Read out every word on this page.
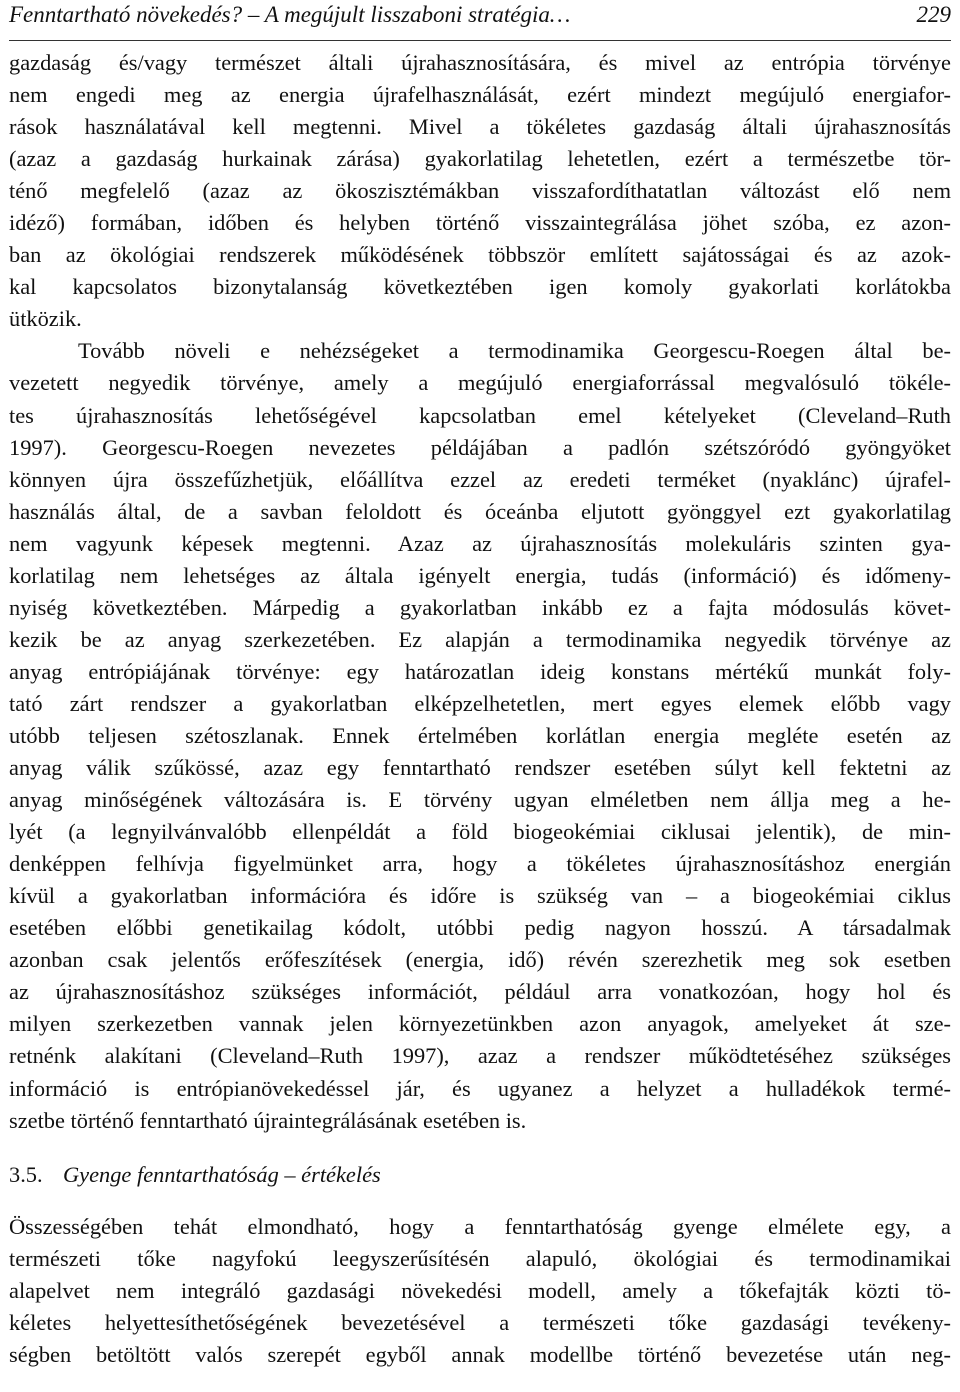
Fenntartható növekedés? – A megújult lisszaboni stratégia…	229
gazdaság és/vagy természet általi újrahasznosítására, és mivel az entrópia törvénye
nem engedi meg az energia újrafelhasználását, ezért mindezt megújuló energiafor-
rások használatával kell megtenni. Mivel a tökéletes gazdaság általi újrahasznosítás
(azaz a gazdaság hurkainak zárása) gyakorlatilag lehetetlen, ezért a természetbe tör-
ténő megfelelő (azaz az ökoszisztémákban visszafordíthatatlan változást elő nem
idéző) formában, időben és helyben történő visszaintegrálása jöhet szóba, ez azon-
ban az ökológiai rendszerek működésének többször említett sajátosságai és az azok-
kal kapcsolatos bizonytalanság következtében igen komoly gyakorlati korlátokba
ütközik.
Tovább növeli e nehézségeket a termodinamika Georgescu-Roegen által be-
vezetett negyedik törvénye, amely a megújuló energiaforrással megvalósuló tökéle-
tes újrahasznosítás lehetőségével kapcsolatban emel kételyeket (Cleveland–Ruth
1997). Georgescu-Roegen nevezetes példájában a padlón szétszóródó gyöngyöket
könnyen újra összefűzhetjük, előállítva ezzel az eredeti terméket (nyaklánc) újrafel-
használás által, de a savban feloldott és óceánba eljutott gyönggyel ezt gyakorlatilag
nem vagyunk képesek megtenni. Azaz az újrahasznosítás molekuláris szinten gya-
korlatilag nem lehetséges az általa igényelt energia, tudás (információ) és időmeny-
nyiség következtében. Márpedig a gyakorlatban inkább ez a fajta módosulás követ-
kezik be az anyag szerkezetében. Ez alapján a termodinamika negyedik törvénye az
anyag entrópiájának törvénye: egy határozatlan ideig konstans mértékű munkát foly-
tató zárt rendszer a gyakorlatban elképzelhetetlen, mert egyes elemek előbb vagy
utóbb teljesen szétoszlanak. Ennek értelmében korlátlan energia megléte esetén az
anyag válik szűkössé, azaz egy fenntartható rendszer esetében súlyt kell fektetni az
anyag minőségének változására is. E törvény ugyan elméletben nem állja meg a he-
lyét (a legnyilvánvalóbb ellenpéldát a föld biogeokémiai ciklusai jelentik), de min-
denképpen felhívja figyelmünket arra, hogy a tökéletes újrahasznosításhoz energián
kívül a gyakorlatban információra és időre is szükség van – a biogeokémiai ciklus
esetében előbbi genetikailag kódolt, utóbbi pedig nagyon hosszú. A társadalmak
azonban csak jelentős erőfeszítések (energia, idő) révén szerezhetik meg sok esetben
az újrahasznosításhoz szükséges információt, például arra vonatkozóan, hogy hol és
milyen szerkezetben vannak jelen környezetünkben azon anyagok, amelyeket át sze-
retnénk alakítani (Cleveland–Ruth 1997), azaz a rendszer működtetéséhez szükséges
információ is entrópianövekedéssel jár, és ugyanez a helyzet a hulladékok termé-
szetbe történő fenntartható újraintegrálásának esetében is.
3.5. Gyenge fenntarthatóság – értékelés
Összességében tehát elmondható, hogy a fenntarthatóság gyenge elmélete egy, a
természeti tőke nagyfokú leegyszerűsítésén alapuló, ökológiai és termodinamikai
alapelvet nem integráló gazdasági növekedési modell, amely a tőkefajták közti tö-
kéletes helyettesíthetőségének bevezetésével a természeti tőke gazdasági tevékeny-
ségben betöltött valós szerepét egyből annak modellbe történő bevezetése után neg-
